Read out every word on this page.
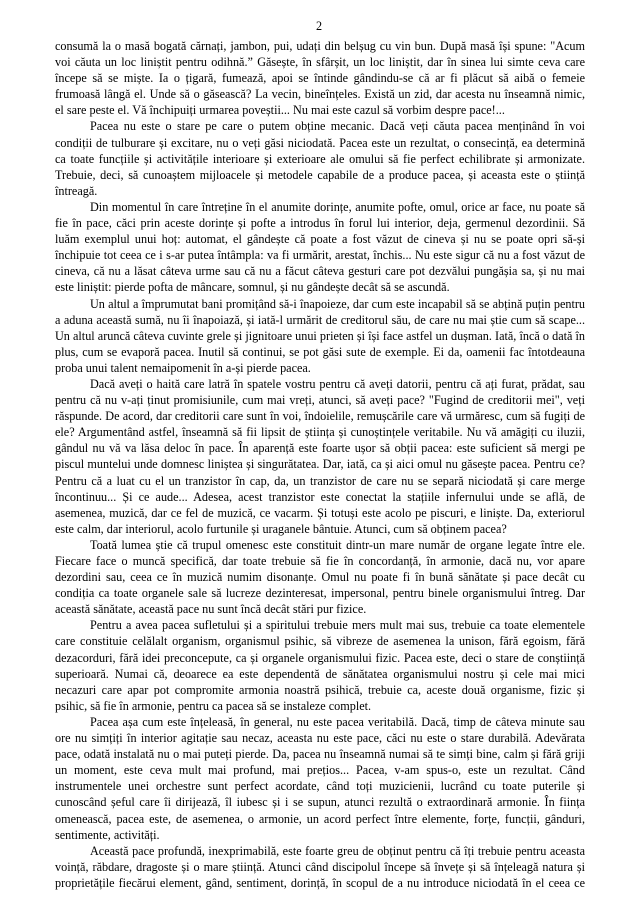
2

consumă la o masă bogată cărnați, jambon, pui, udați din belșug cu vin bun. După masă își spune: "Acum voi căuta un loc liniștit pentru odihnă.” Găsește, în sfârșit, un loc liniștit, dar în sinea lui simte ceva care începe să se miște. Ia o țigară, fumează, apoi se întinde gândindu-se că ar fi plăcut să aibă o femeie frumoasă lângă el. Unde să o găsească? La vecin, bineînțeles. Există un zid, dar acesta nu înseamnă nimic, el sare peste el. Vă închipuiți urmarea poveștii... Nu mai este cazul să vorbim despre pace!...

Pacea nu este o stare pe care o putem obține mecanic. Dacă veți căuta pacea menținând în voi condiții de tulburare și excitare, nu o veți găsi niciodată. Pacea este un rezultat, o consecință, ea determină ca toate funcțiile și activitățile interioare și exterioare ale omului să fie perfect echilibrate și armonizate. Trebuie, deci, să cunoaștem mijloacele și metodele capabile de a produce pacea, și aceasta este o știință întreagă.

Din momentul în care întreține în el anumite dorințe, anumite pofte, omul, orice ar face, nu poate să fie în pace, căci prin aceste dorințe și pofte a introdus în forul lui interior, deja, germenul dezordinii. Să luăm exemplul unui hoț: automat, el gândește că poate a fost văzut de cineva și nu se poate opri să-și închipuie tot ceea ce i s-ar putea întâmpla: va fi urmărit, arestat, închis... Nu este sigur că nu a fost văzut de cineva, că nu a lăsat câteva urme sau că nu a făcut câteva gesturi care pot dezvălui pungășia sa, și nu mai este liniștit: pierde pofta de mâncare, somnul, și nu gândește decât să se ascundă.

Un altul a împrumutat bani promițând să-i înapoieze, dar cum este incapabil să se abțină puțin pentru a aduna această sumă, nu îi înapoiază, și iată-l urmărit de creditorul său, de care nu mai știe cum să scape... Un altul aruncă câteva cuvinte grele și jignitoare unui prieten și își face astfel un dușman. Iată, încă o dată în plus, cum se evaporă pacea. Inutil să continui, se pot găsi sute de exemple. Ei da, oamenii fac întotdeauna proba unui talent nemaipomenit în a-și pierde pacea.

Dacă aveți o haită care latră în spatele vostru pentru că aveți datorii, pentru că ați furat, prădat, sau pentru că nu v-ați ținut promisiunile, cum mai vreți, atunci, să aveți pace? "Fugind de creditorii mei", veți răspunde. De acord, dar creditorii care sunt în voi, îndoielile, remușcările care vă urmăresc, cum să fugiți de ele? Argumentând astfel, înseamnă să fii lipsit de știința și cunoștințele veritabile. Nu vă amăgiți cu iluzii, gândul nu vă va lăsa deloc în pace. În aparență este foarte ușor să obții pacea: este suficient să mergi pe piscul muntelui unde domnesc liniștea și singurătatea. Dar, iată, ca și aici omul nu găsește pacea. Pentru ce? Pentru că a luat cu el un tranzistor în cap, da, un tranzistor de care nu se separă niciodată și care merge încontinuu... Și ce aude... Adesea, acest tranzistor este conectat la stațiile infernului unde se află, de asemenea, muzică, dar ce fel de muzică, ce vacarm. Și totuși este acolo pe piscuri, e liniște. Da, exteriorul este calm, dar interiorul, acolo furtunile și uraganele bântuie. Atunci, cum să obținem pacea?

Toată lumea știe că trupul omenesc este constituit dintr-un mare număr de organe legate între ele. Fiecare face o muncă specifică, dar toate trebuie să fie în concordanță, în armonie, dacă nu, vor apare dezordini sau, ceea ce în muzică numim disonanțe. Omul nu poate fi în bună sănătate și pace decât cu condiția ca toate organele sale să lucreze dezinteresat, impersonal, pentru binele organismului întreg. Dar această sănătate, această pace nu sunt încă decât stări pur fizice.

Pentru a avea pacea sufletului și a spiritului trebuie mers mult mai sus, trebuie ca toate elementele care constituie celălalt organism, organismul psihic, să vibreze de asemenea la unison, fără egoism, fără dezacorduri, fără idei preconcepute, ca și organele organismului fizic. Pacea este, deci o stare de conștiință superioară. Numai că, deoarece ea este dependentă de sănătatea organismului nostru și cele mai mici necazuri care apar pot compromite armonia noastră psihică, trebuie ca, aceste două organisme, fizic și psihic, să fie în armonie, pentru ca pacea să se instaleze complet.

Pacea așa cum este înțeleasă, în general, nu este pacea veritabilă. Dacă, timp de câteva minute sau ore nu simțiți în interior agitație sau necaz, aceasta nu este pace, căci nu este o stare durabilă. Adevărata pace, odată instalată nu o mai puteți pierde. Da, pacea nu înseamnă numai să te simți bine, calm și fără griji un moment, este ceva mult mai profund, mai prețios... Pacea, v-am spus-o, este un rezultat. Când instrumentele unei orchestre sunt perfect acordate, când toți muzicienii, lucrând cu toate puterile și cunoscând șeful care îi dirijează, îl iubesc și i se supun, atunci rezultă o extraordinară armonie. În ființa omenească, pacea este, de asemenea, o armonie, un acord perfect între elemente, forțe, funcții, gânduri, sentimente, activități.

Această pace profundă, inexprimabilă, este foarte greu de obținut pentru că îți trebuie pentru aceasta voință, răbdare, dragoste și o mare știință. Atunci când discipolul începe să învețe și să înțeleagă natura și proprietățile fiecărui element, gând, sentiment, dorință, în scopul de a nu introduce niciodată în el ceea ce
